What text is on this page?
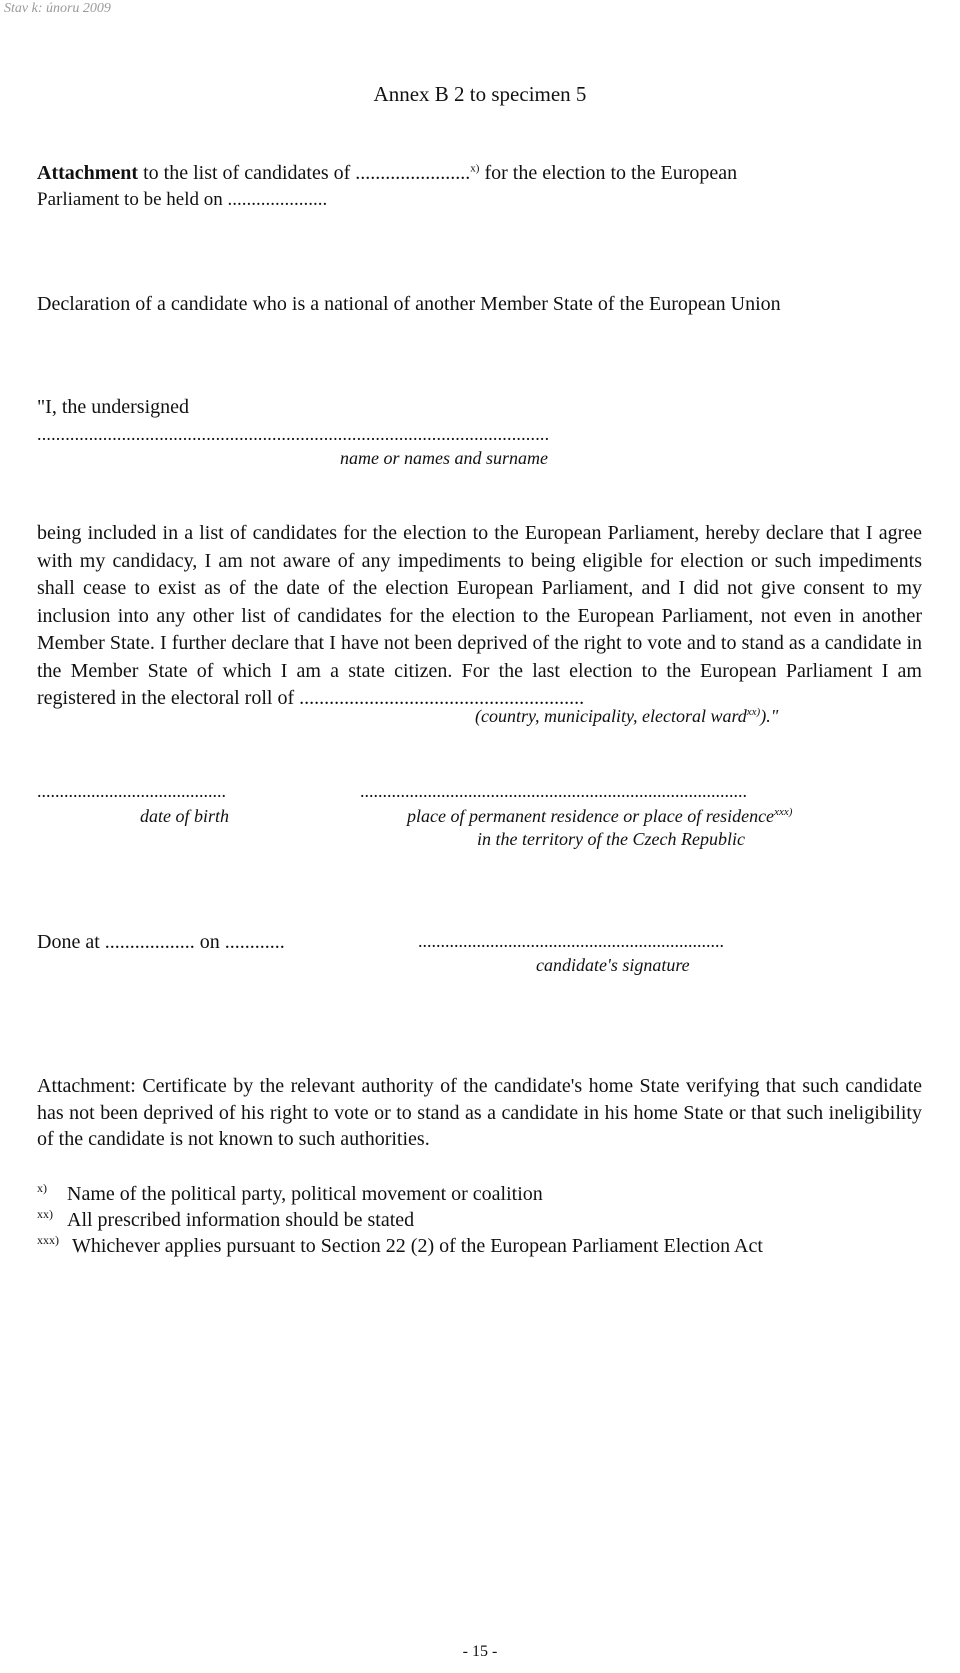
Stav k: únoru 2009
Annex B 2 to specimen 5
Attachment to the list of candidates of .......................$^{x)}$ for the election to the European
Parliament to be held on .....................
Declaration of a candidate who is a national of another Member State of the European Union
"I, the undersigned
.............................................................................................................
name or names and surname
being included in a list of candidates for the election to the European Parliament, hereby declare that I agree with my candidacy, I am not aware of any impediments to being eligible for election or such impediments shall cease to exist as of the date of the election European Parliament, and I did not give consent to my inclusion into any other list of candidates for the election to the European Parliament, not even in another Member State. I further declare that I have not been deprived of the right to vote and to stand as a candidate in the Member State of which I am a state citizen. For the last election to the European Parliament I am registered in the electoral roll of .........................................................
(country, municipality, electoral ward$^{xx)}$)."
..........................................	......................................................................................
date of birth	place of permanent residence or place of residence$^{xxx)}$
in the territory of the Czech Republic
Done at .................. on ............	....................................................................
candidate's signature
Attachment: Certificate by the relevant authority of the candidate's home State verifying that such candidate has not been deprived of his right to vote or to stand as a candidate in his home State or that such ineligibility of the candidate is not known to such authorities.
x) Name of the political party, political movement or coalition
xx) All prescribed information should be stated
xxx) Whichever applies pursuant to Section 22 (2) of the European Parliament Election Act
- 15 -
